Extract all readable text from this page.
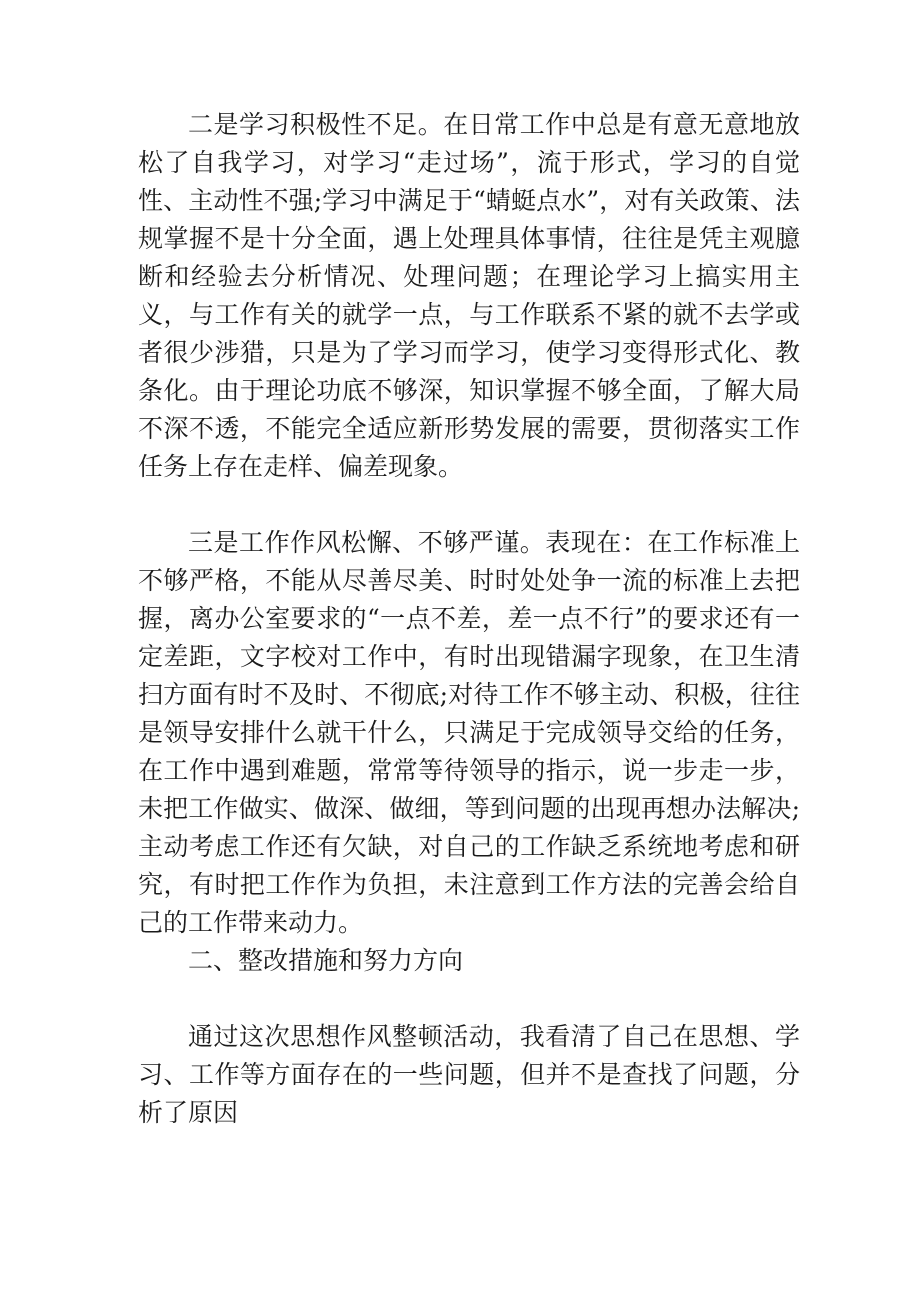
二是学习积极性不足。在日常工作中总是有意无意地放松了自我学习，对学习“走过场”，流于形式，学习的自觉性、主动性不强;学习中满足于“蜻蜓点水”，对有关政策、法规掌握不是十分全面，遇上处理具体事情，往往是凭主观臆断和经验去分析情况、处理问题；在理论学习上搞实用主义，与工作有关的就学一点，与工作联系不紧的就不去学或者很少涉猎，只是为了学习而学习，使学习变得形式化、教条化。由于理论功底不够深，知识掌握不够全面，了解大局不深不透，不能完全适应新形势发展的需要，贯彻落实工作任务上存在走样、偏差现象。

三是工作作风松懈、不够严谨。表现在：在工作标准上不够严格，不能从尽善尽美、时时处处争一流的标准上去把握，离办公室要求的“一点不差，差一点不行”的要求还有一定差距，文字校对工作中，有时出现错漏字现象，在卫生清扫方面有时不及时、不彻底;对待工作不够主动、积极，往往是领导安排什么就干什么，只满足于完成领导交给的任务，在工作中遇到难题，常常等待领导的指示，说一步走一步，未把工作做实、做深、做细，等到问题的出现再想办法解决;主动考虑工作还有欠缺，对自己的工作缺乏系统地考虑和研究，有时把工作作为负担，未注意到工作方法的完善会给自己的工作带来动力。

二、整改措施和努力方向

通过这次思想作风整顿活动，我看清了自己在思想、学习、工作等方面存在的一些问题，但并不是查找了问题，分析了原因
